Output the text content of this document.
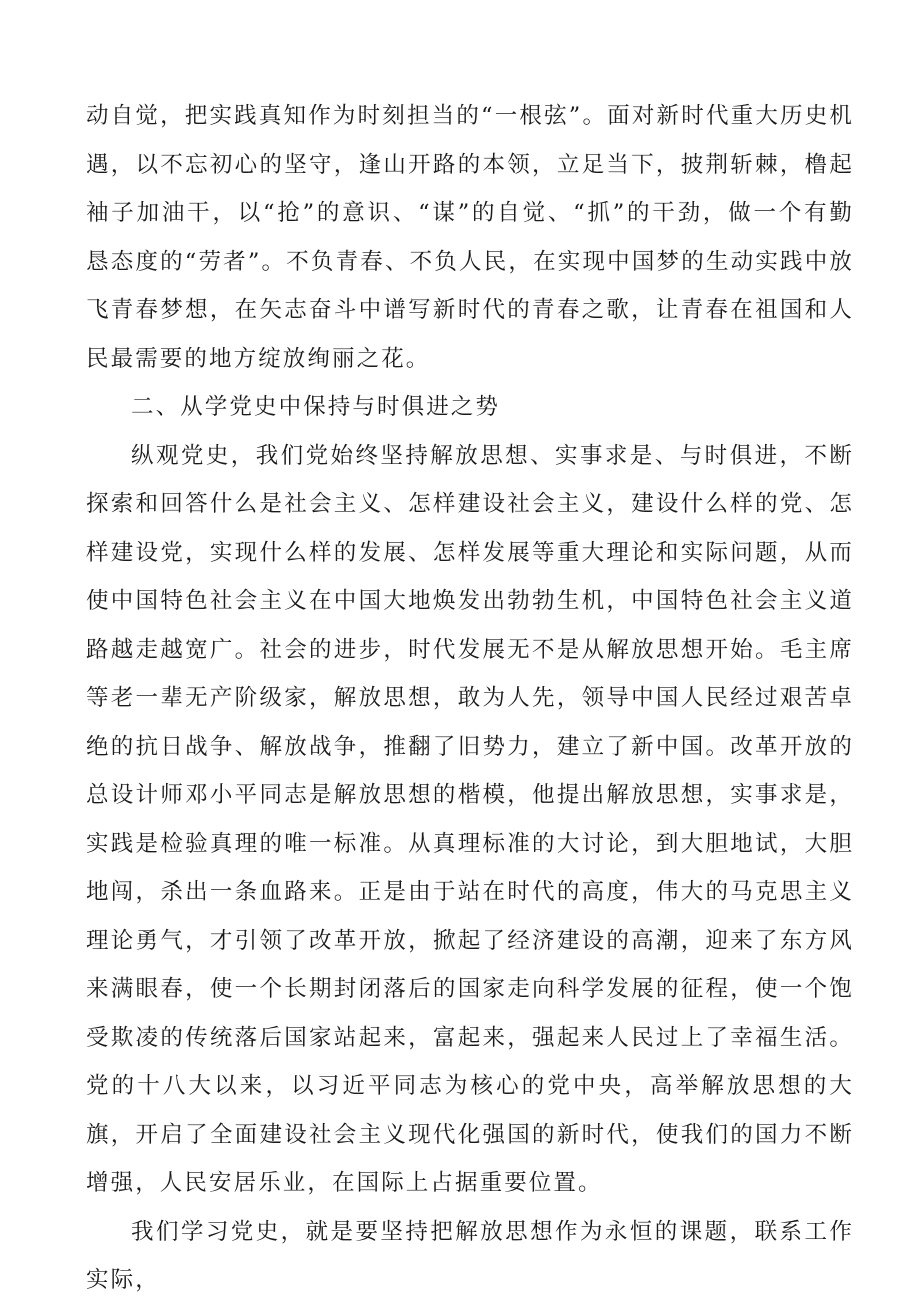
动自觉，把实践真知作为时刻担当的“一根弦”。面对新时代重大历史机遇，以不忘初心的坚守，逢山开路的本领，立足当下，披荆斩棘，橹起袖子加油干，以“抢”的意识、“谋”的自觉、“抓”的干劲，做一个有勤恳态度的“劳者”。不负青春、不负人民，在实现中国梦的生动实践中放飞青春梦想，在矢志奋斗中谱写新时代的青春之歌，让青春在祖国和人民最需要的地方绽放绚丽之花。

二、从学党史中保持与时俱进之势

纵观党史，我们党始终坚持解放思想、实事求是、与时俱进，不断探索和回答什么是社会主义、怎样建设社会主义，建设什么样的党、怎样建设党，实现什么样的发展、怎样发展等重大理论和实际问题，从而使中国特色社会主义在中国大地焕发出勃勃生机，中国特色社会主义道路越走越宽广。社会的进步，时代发展无不是从解放思想开始。毛主席等老一辈无产阶级家，解放思想，敢为人先，领导中国人民经过艰苦卓绝的抗日战争、解放战争，推翻了旧势力，建立了新中国。改革开放的总设计师邓小平同志是解放思想的楷模，他提出解放思想，实事求是，实践是检验真理的唯一标准。从真理标准的大讨论，到大胆地试，大胆地闯，杀出一条血路来。正是由于站在时代的高度，伟大的马克思主义理论勇气，才引领了改革开放，掀起了经济建设的高潮，迎来了东方风来满眼春，使一个长期封闭落后的国家走向科学发展的征程，使一个饱受欺凌的传统落后国家站起来，富起来，强起来人民过上了幸福生活。党的十八大以来，以习近平同志为核心的党中央，高举解放思想的大旗，开启了全面建设社会主义现代化强国的新时代，使我们的国力不断增强，人民安居乐业，在国际上占据重要位置。

我们学习党史，就是要坚持把解放思想作为永恒的课题，联系工作实际，
